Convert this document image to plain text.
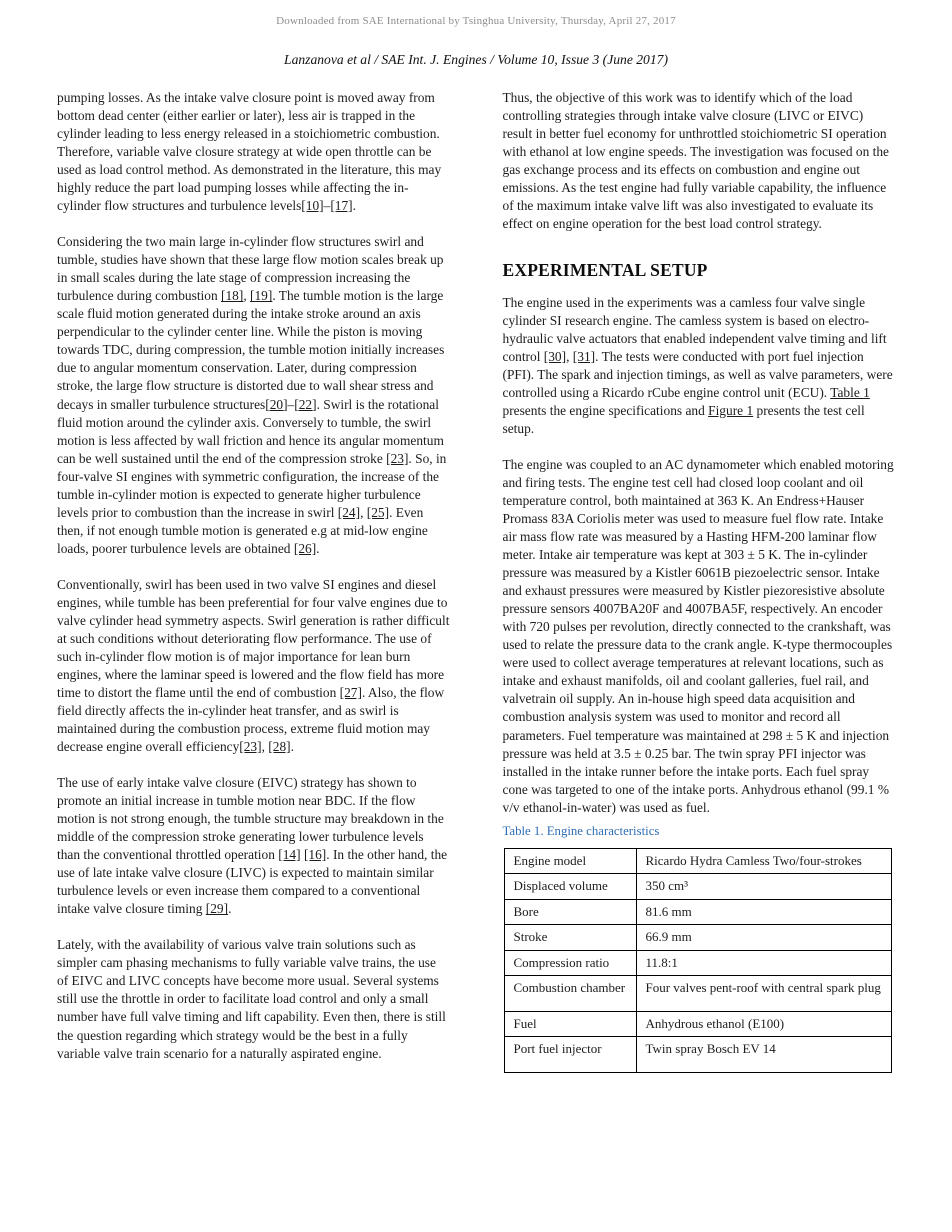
Downloaded from SAE International by Tsinghua University, Thursday, April 27, 2017
Lanzanova et al / SAE Int. J. Engines / Volume 10, Issue 3 (June 2017)

pumping losses. As the intake valve closure point is moved away from bottom dead center (either earlier or later), less air is trapped in the cylinder leading to less energy released in a stoichiometric combustion. Therefore, variable valve closure strategy at wide open throttle can be used as load control method. As demonstrated in the literature, this may highly reduce the part load pumping losses while affecting the in-cylinder flow structures and turbulence levels[10]–[17].

Considering the two main large in-cylinder flow structures swirl and tumble, studies have shown that these large flow motion scales break up in small scales during the late stage of compression increasing the turbulence during combustion [18], [19]. The tumble motion is the large scale fluid motion generated during the intake stroke around an axis perpendicular to the cylinder center line. While the piston is moving towards TDC, during compression, the tumble motion initially increases due to angular momentum conservation. Later, during compression stroke, the large flow structure is distorted due to wall shear stress and decays in smaller turbulence structures[20]–[22]. Swirl is the rotational fluid motion around the cylinder axis. Conversely to tumble, the swirl motion is less affected by wall friction and hence its angular momentum can be well sustained until the end of the compression stroke [23]. So, in four-valve SI engines with symmetric configuration, the increase of the tumble in-cylinder motion is expected to generate higher turbulence levels prior to combustion than the increase in swirl [24], [25]. Even then, if not enough tumble motion is generated e.g at mid-low engine loads, poorer turbulence levels are obtained [26].

Conventionally, swirl has been used in two valve SI engines and diesel engines, while tumble has been preferential for four valve engines due to valve cylinder head symmetry aspects. Swirl generation is rather difficult at such conditions without deteriorating flow performance. The use of such in-cylinder flow motion is of major importance for lean burn engines, where the laminar speed is lowered and the flow field has more time to distort the flame until the end of combustion [27]. Also, the flow field directly affects the in-cylinder heat transfer, and as swirl is maintained during the combustion process, extreme fluid motion may decrease engine overall efficiency[23], [28].

The use of early intake valve closure (EIVC) strategy has shown to promote an initial increase in tumble motion near BDC. If the flow motion is not strong enough, the tumble structure may breakdown in the middle of the compression stroke generating lower turbulence levels than the conventional throttled operation [14] [16]. In the other hand, the use of late intake valve closure (LIVC) is expected to maintain similar turbulence levels or even increase them compared to a conventional intake valve closure timing [29].

Lately, with the availability of various valve train solutions such as simpler cam phasing mechanisms to fully variable valve trains, the use of EIVC and LIVC concepts have become more usual. Several systems still use the throttle in order to facilitate load control and only a small number have full valve timing and lift capability. Even then, there is still the question regarding which strategy would be the best in a fully variable valve train scenario for a naturally aspirated engine.

Thus, the objective of this work was to identify which of the load controlling strategies through intake valve closure (LIVC or EIVC) result in better fuel economy for unthrottled stoichiometric SI operation with ethanol at low engine speeds. The investigation was focused on the gas exchange process and its effects on combustion and engine out emissions. As the test engine had fully variable capability, the influence of the maximum intake valve lift was also investigated to evaluate its effect on engine operation for the best load control strategy.

EXPERIMENTAL SETUP

The engine used in the experiments was a camless four valve single cylinder SI research engine. The camless system is based on electro-hydraulic valve actuators that enabled independent valve timing and lift control [30], [31]. The tests were conducted with port fuel injection (PFI). The spark and injection timings, as well as valve parameters, were controlled using a Ricardo rCube engine control unit (ECU). Table 1 presents the engine specifications and Figure 1 presents the test cell setup.

The engine was coupled to an AC dynamometer which enabled motoring and firing tests. The engine test cell had closed loop coolant and oil temperature control, both maintained at 363 K. An Endress+Hauser Promass 83A Coriolis meter was used to measure fuel flow rate. Intake air mass flow rate was measured by a Hasting HFM-200 laminar flow meter. Intake air temperature was kept at 303 ± 5 K. The in-cylinder pressure was measured by a Kistler 6061B piezoelectric sensor. Intake and exhaust pressures were measured by Kistler piezoresistive absolute pressure sensors 4007BA20F and 4007BA5F, respectively. An encoder with 720 pulses per revolution, directly connected to the crankshaft, was used to relate the pressure data to the crank angle. K-type thermocouples were used to collect average temperatures at relevant locations, such as intake and exhaust manifolds, oil and coolant galleries, fuel rail, and valvetrain oil supply. An in-house high speed data acquisition and combustion analysis system was used to monitor and record all parameters. Fuel temperature was maintained at 298 ± 5 K and injection pressure was held at 3.5 ± 0.25 bar. The twin spray PFI injector was installed in the intake runner before the intake ports. Each fuel spray cone was targeted to one of the intake ports. Anhydrous ethanol (99.1 % v/v ethanol-in-water) was used as fuel.

Table 1. Engine characteristics
Engine model	Ricardo Hydra Camless Two/four-strokes
Displaced volume	350 cm³
Bore	81.6 mm
Stroke	66.9 mm
Compression ratio	11.8:1
Combustion chamber	Four valves pent-roof with central spark plug
Fuel	Anhydrous ethanol (E100)
Port fuel injector	Twin spray Bosch EV 14
